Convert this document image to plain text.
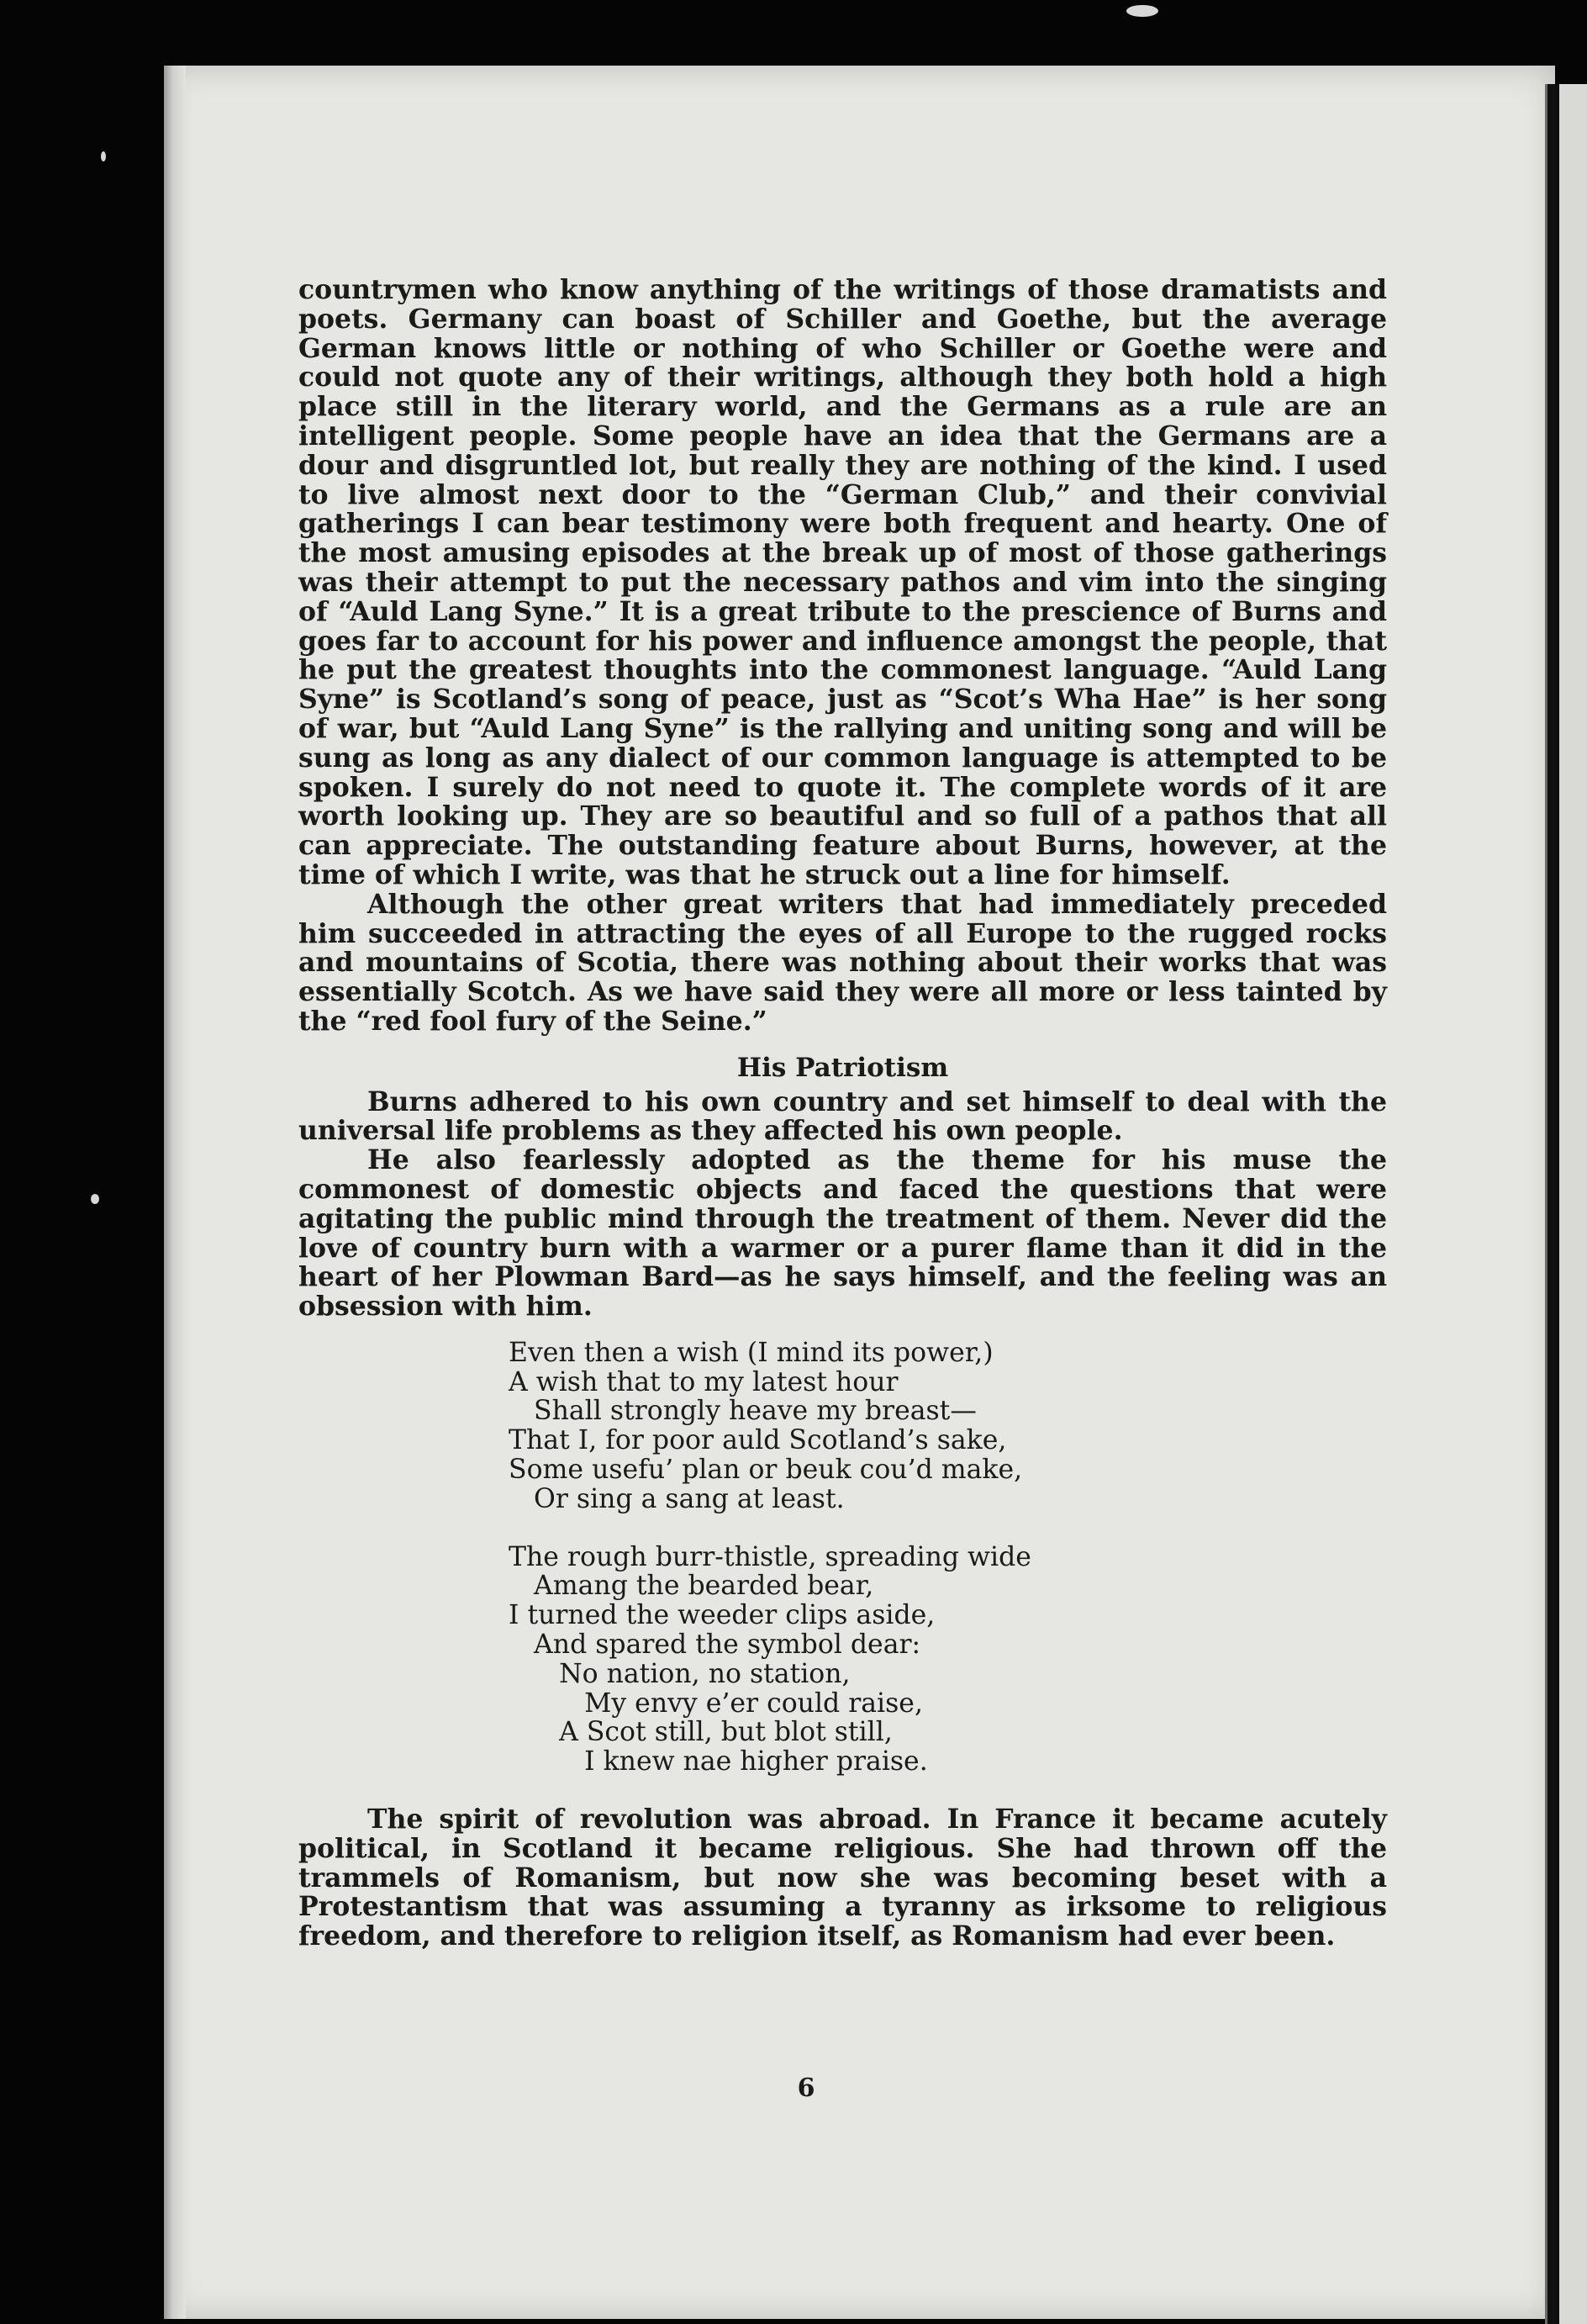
countrymen who know anything of the writings of those dramatists and poets. Germany can boast of Schiller and Goethe, but the average German knows little or nothing of who Schiller or Goethe were and could not quote any of their writings, although they both hold a high place still in the literary world, and the Germans as a rule are an intelligent people. Some people have an idea that the Germans are a dour and disgruntled lot, but really they are nothing of the kind. I used to live almost next door to the “German Club,” and their convivial gatherings I can bear testimony were both frequent and hearty. One of the most amusing episodes at the break up of most of those gatherings was their attempt to put the necessary pathos and vim into the singing of “Auld Lang Syne.” It is a great tribute to the prescience of Burns and goes far to account for his power and influence amongst the people, that he put the greatest thoughts into the commonest language. “Auld Lang Syne” is Scotland’s song of peace, just as “Scot’s Wha Hae” is her song of war, but “Auld Lang Syne” is the rallying and uniting song and will be sung as long as any dialect of our common language is attempted to be spoken. I surely do not need to quote it. The complete words of it are worth looking up. They are so beautiful and so full of a pathos that all can appreciate. The outstanding feature about Burns, however, at the time of which I write, was that he struck out a line for himself.

Although the other great writers that had immediately preceded him succeeded in attracting the eyes of all Europe to the rugged rocks and mountains of Scotia, there was nothing about their works that was essentially Scotch. As we have said they were all more or less tainted by the “red fool fury of the Seine.”

His Patriotism

Burns adhered to his own country and set himself to deal with the universal life problems as they affected his own people.

He also fearlessly adopted as the theme for his muse the commonest of domestic objects and faced the questions that were agitating the public mind through the treatment of them. Never did the love of country burn with a warmer or a purer flame than it did in the heart of her Plowman Bard—as he says himself, and the feeling was an obsession with him.

Even then a wish (I mind its power,)
A wish that to my latest hour
Shall strongly heave my breast—
That I, for poor auld Scotland’s sake,
Some usefu’ plan or beuk cou’d make,
Or sing a sang at least.
The rough burr-thistle, spreading wide
Amang the bearded bear,
I turned the weeder clips aside,
And spared the symbol dear:
No nation, no station,
My envy e’er could raise,
A Scot still, but blot still,
I knew nae higher praise.

The spirit of revolution was abroad. In France it became acutely political, in Scotland it became religious. She had thrown off the trammels of Romanism, but now she was becoming beset with a Protestantism that was assuming a tyranny as irksome to religious freedom, and therefore to religion itself, as Romanism had ever been.

6
